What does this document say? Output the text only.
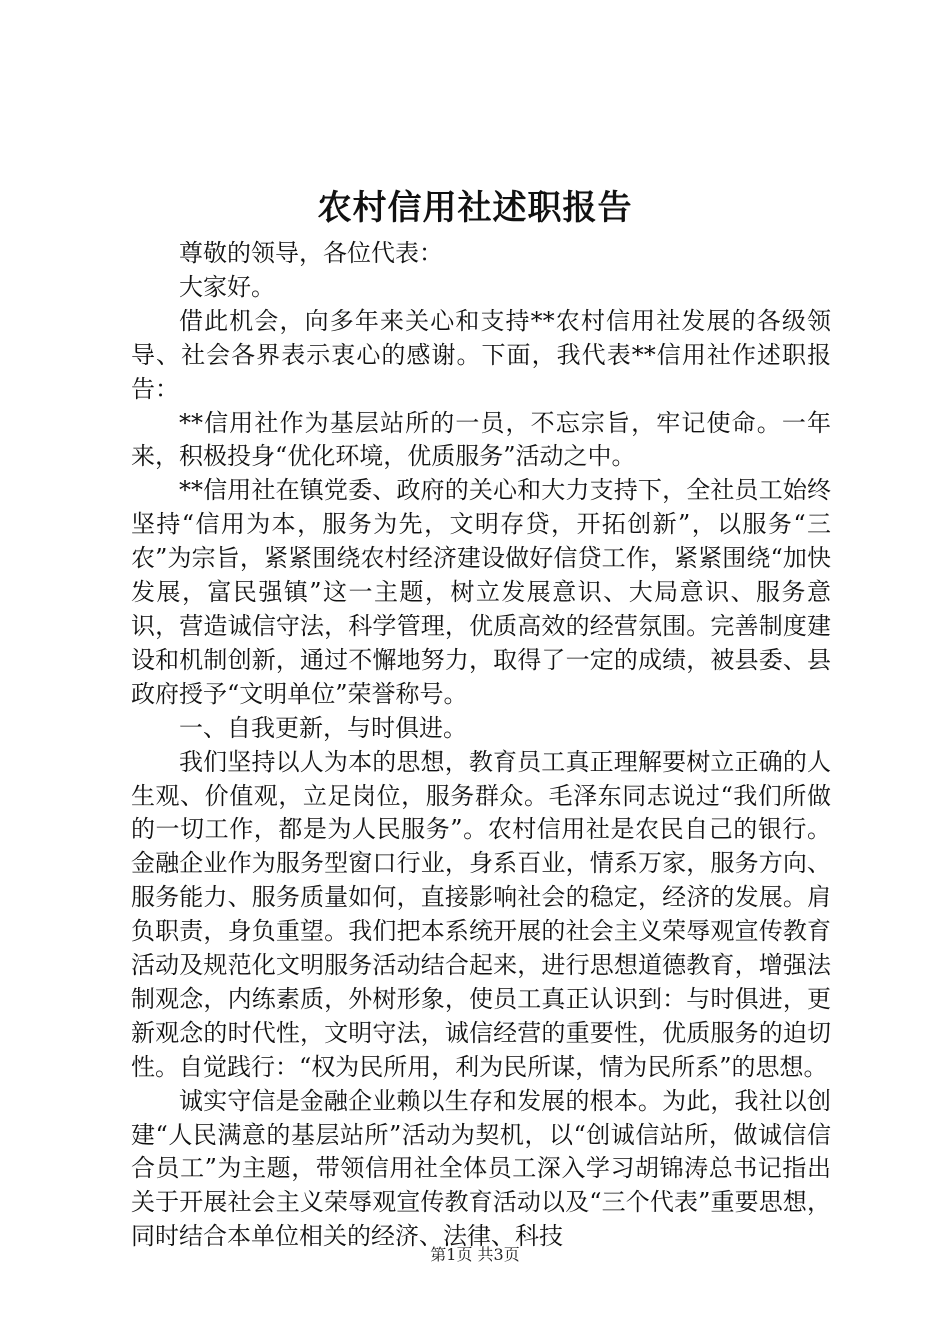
农村信用社述职报告

尊敬的领导，各位代表：

大家好。

借此机会，向多年来关心和支持**农村信用社发展的各级领导、社会各界表示衷心的感谢。下面，我代表**信用社作述职报告：

**信用社作为基层站所的一员，不忘宗旨，牢记使命。一年来，积极投身“优化环境，优质服务”活动之中。

**信用社在镇党委、政府的关心和大力支持下，全社员工始终坚持“信用为本，服务为先，文明存贷，开拓创新”，以服务“三农”为宗旨，紧紧围绕农村经济建设做好信贷工作，紧紧围绕“加快发展，富民强镇”这一主题，树立发展意识、大局意识、服务意识，营造诚信守法，科学管理，优质高效的经营氛围。完善制度建设和机制创新，通过不懈地努力，取得了一定的成绩，被县委、县政府授予“文明单位”荣誉称号。

一、自我更新，与时俱进。

我们坚持以人为本的思想，教育员工真正理解要树立正确的人生观、价值观，立足岗位，服务群众。毛泽东同志说过“我们所做的一切工作，都是为人民服务”。农村信用社是农民自己的银行。金融企业作为服务型窗口行业，身系百业，情系万家，服务方向、服务能力、服务质量如何，直接影响社会的稳定，经济的发展。肩负职责，身负重望。我们把本系统开展的社会主义荣辱观宣传教育活动及规范化文明服务活动结合起来，进行思想道德教育，增强法制观念，内练素质，外树形象，使员工真正认识到：与时俱进，更新观念的时代性，文明守法，诚信经营的重要性，优质服务的迫切性。自觉践行：“权为民所用，利为民所谋，情为民所系”的思想。

诚实守信是金融企业赖以生存和发展的根本。为此，我社以创建“人民满意的基层站所”活动为契机，以“创诚信站所，做诚信信合员工”为主题，带领信用社全体员工深入学习胡锦涛总书记指出关于开展社会主义荣辱观宣传教育活动以及“三个代表”重要思想，同时结合本单位相关的经济、法律、科技

第1页 共3页
